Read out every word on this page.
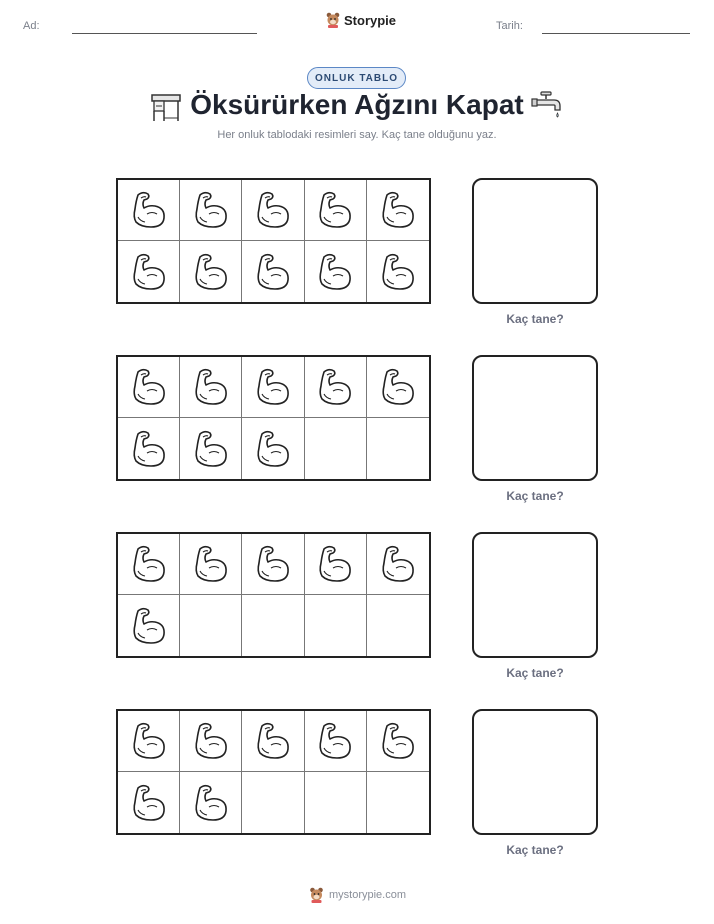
Ad:	Storypie	Tarih:
ONLUK TABLO
Öksürürken Ağzını Kapat
Her onluk tablodaki resimleri say. Kaç tane olduğunu yaz.
Kaç tane?
Kaç tane?
Kaç tane?
Kaç tane?
mystorypie.com
